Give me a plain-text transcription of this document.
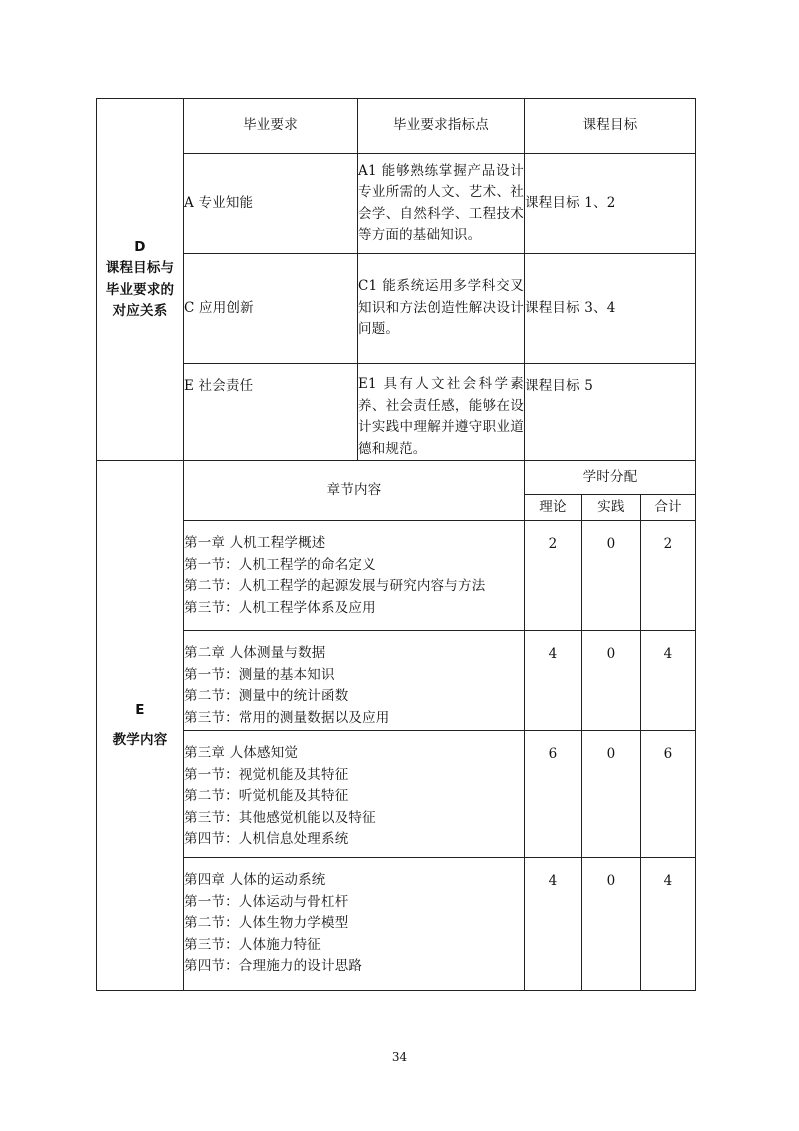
D
课程目标与
毕业要求的
对应关系	毕业要求	毕业要求指标点	课程目标		
	A 专业知能	A1 能够熟练掌握产品设计专业所需的人文、艺术、社会学、自然科学、工程技术等方面的基础知识。	课程目标 1、2		
	C 应用创新	C1 能系统运用多学科交叉知识和方法创造性解决设计问题。	课程目标 3、4		
	E 社会责任	E1 具有人文社会科学素养、社会责任感，能够在设计实践中理解并遵守职业道德和规范。	课程目标 5		

E
教学内容	章节内容		学时分配		
			理论	实践	合计

	第一章 人机工程学概述
第一节：人机工程学的命名定义
第二节：人机工程学的起源发展与研究内容与方法
第三节：人机工程学体系及应用		2	0	2

	第二章 人体测量与数据
第一节：测量的基本知识
第二节：测量中的统计函数
第三节：常用的测量数据以及应用		4	0	4

	第三章 人体感知觉
第一节：视觉机能及其特征
第二节：听觉机能及其特征
第三节：其他感觉机能以及特征
第四节：人机信息处理系统		6	0	6

	第四章 人体的运动系统
第一节：人体运动与骨杠杆
第二节：人体生物力学模型
第三节：人体施力特征
第四节：合理施力的设计思路		4	0	4
34
